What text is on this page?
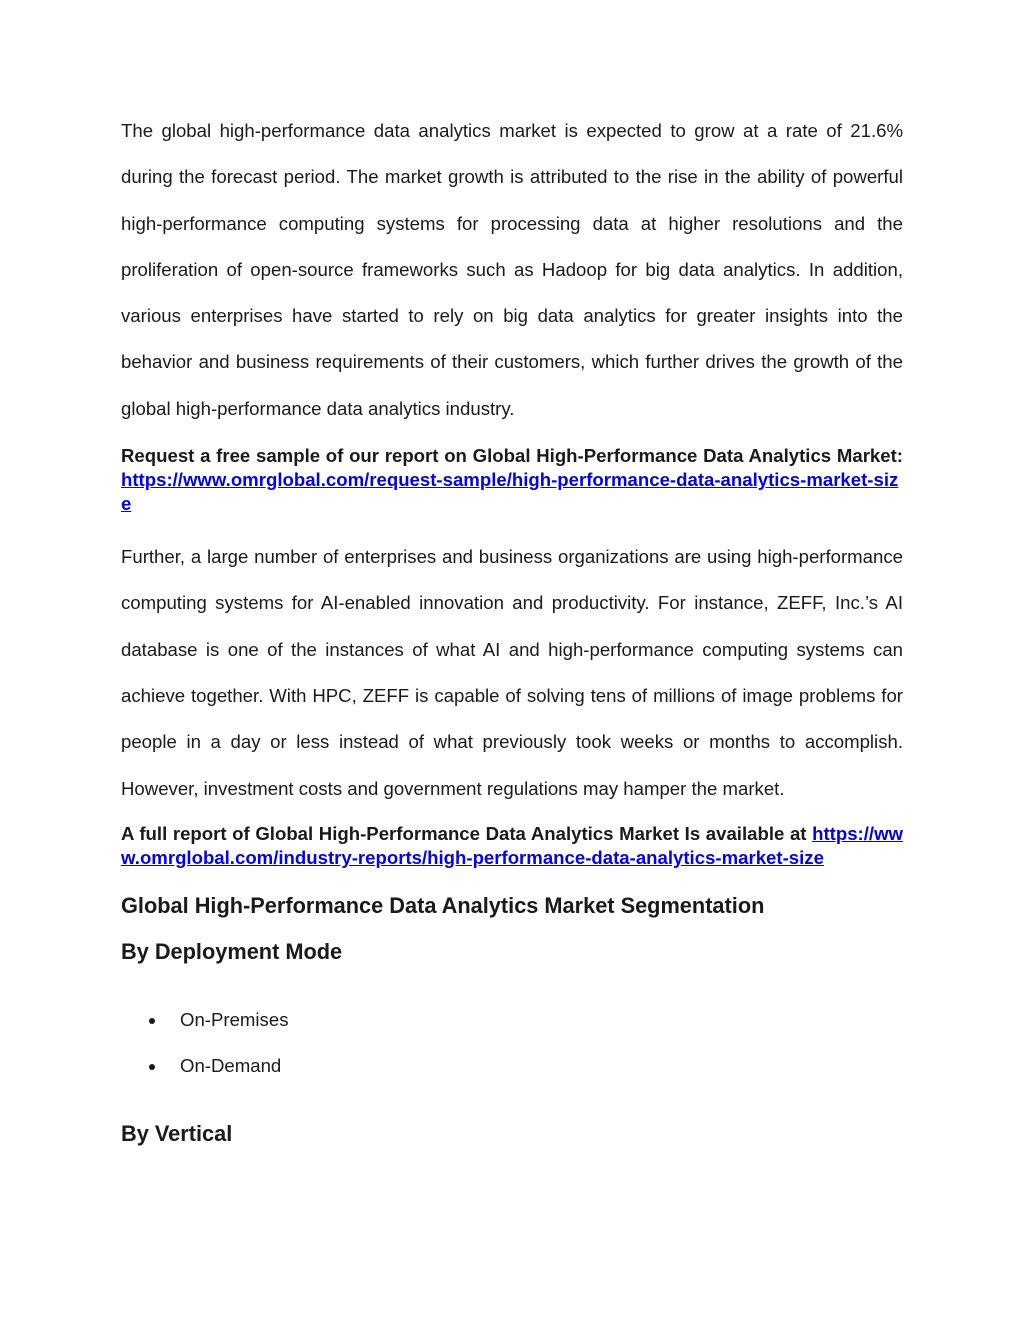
The global high-performance data analytics market is expected to grow at a rate of 21.6% during the forecast period. The market growth is attributed to the rise in the ability of powerful high-performance computing systems for processing data at higher resolutions and the proliferation of open-source frameworks such as Hadoop for big data analytics. In addition, various enterprises have started to rely on big data analytics for greater insights into the behavior and business requirements of their customers, which further drives the growth of the global high-performance data analytics industry.

Request a free sample of our report on Global High-Performance Data Analytics Market: https://www.omrglobal.com/request-sample/high-performance-data-analytics-market-size

Further, a large number of enterprises and business organizations are using high-performance computing systems for AI-enabled innovation and productivity. For instance, ZEFF, Inc.’s AI database is one of the instances of what AI and high-performance computing systems can achieve together. With HPC, ZEFF is capable of solving tens of millions of image problems for people in a day or less instead of what previously took weeks or months to accomplish. However, investment costs and government regulations may hamper the market.

A full report of Global High-Performance Data Analytics Market Is available at https://www.omrglobal.com/industry-reports/high-performance-data-analytics-market-size

Global High-Performance Data Analytics Market Segmentation
By Deployment Mode
On-Premises
On-Demand
By Vertical
